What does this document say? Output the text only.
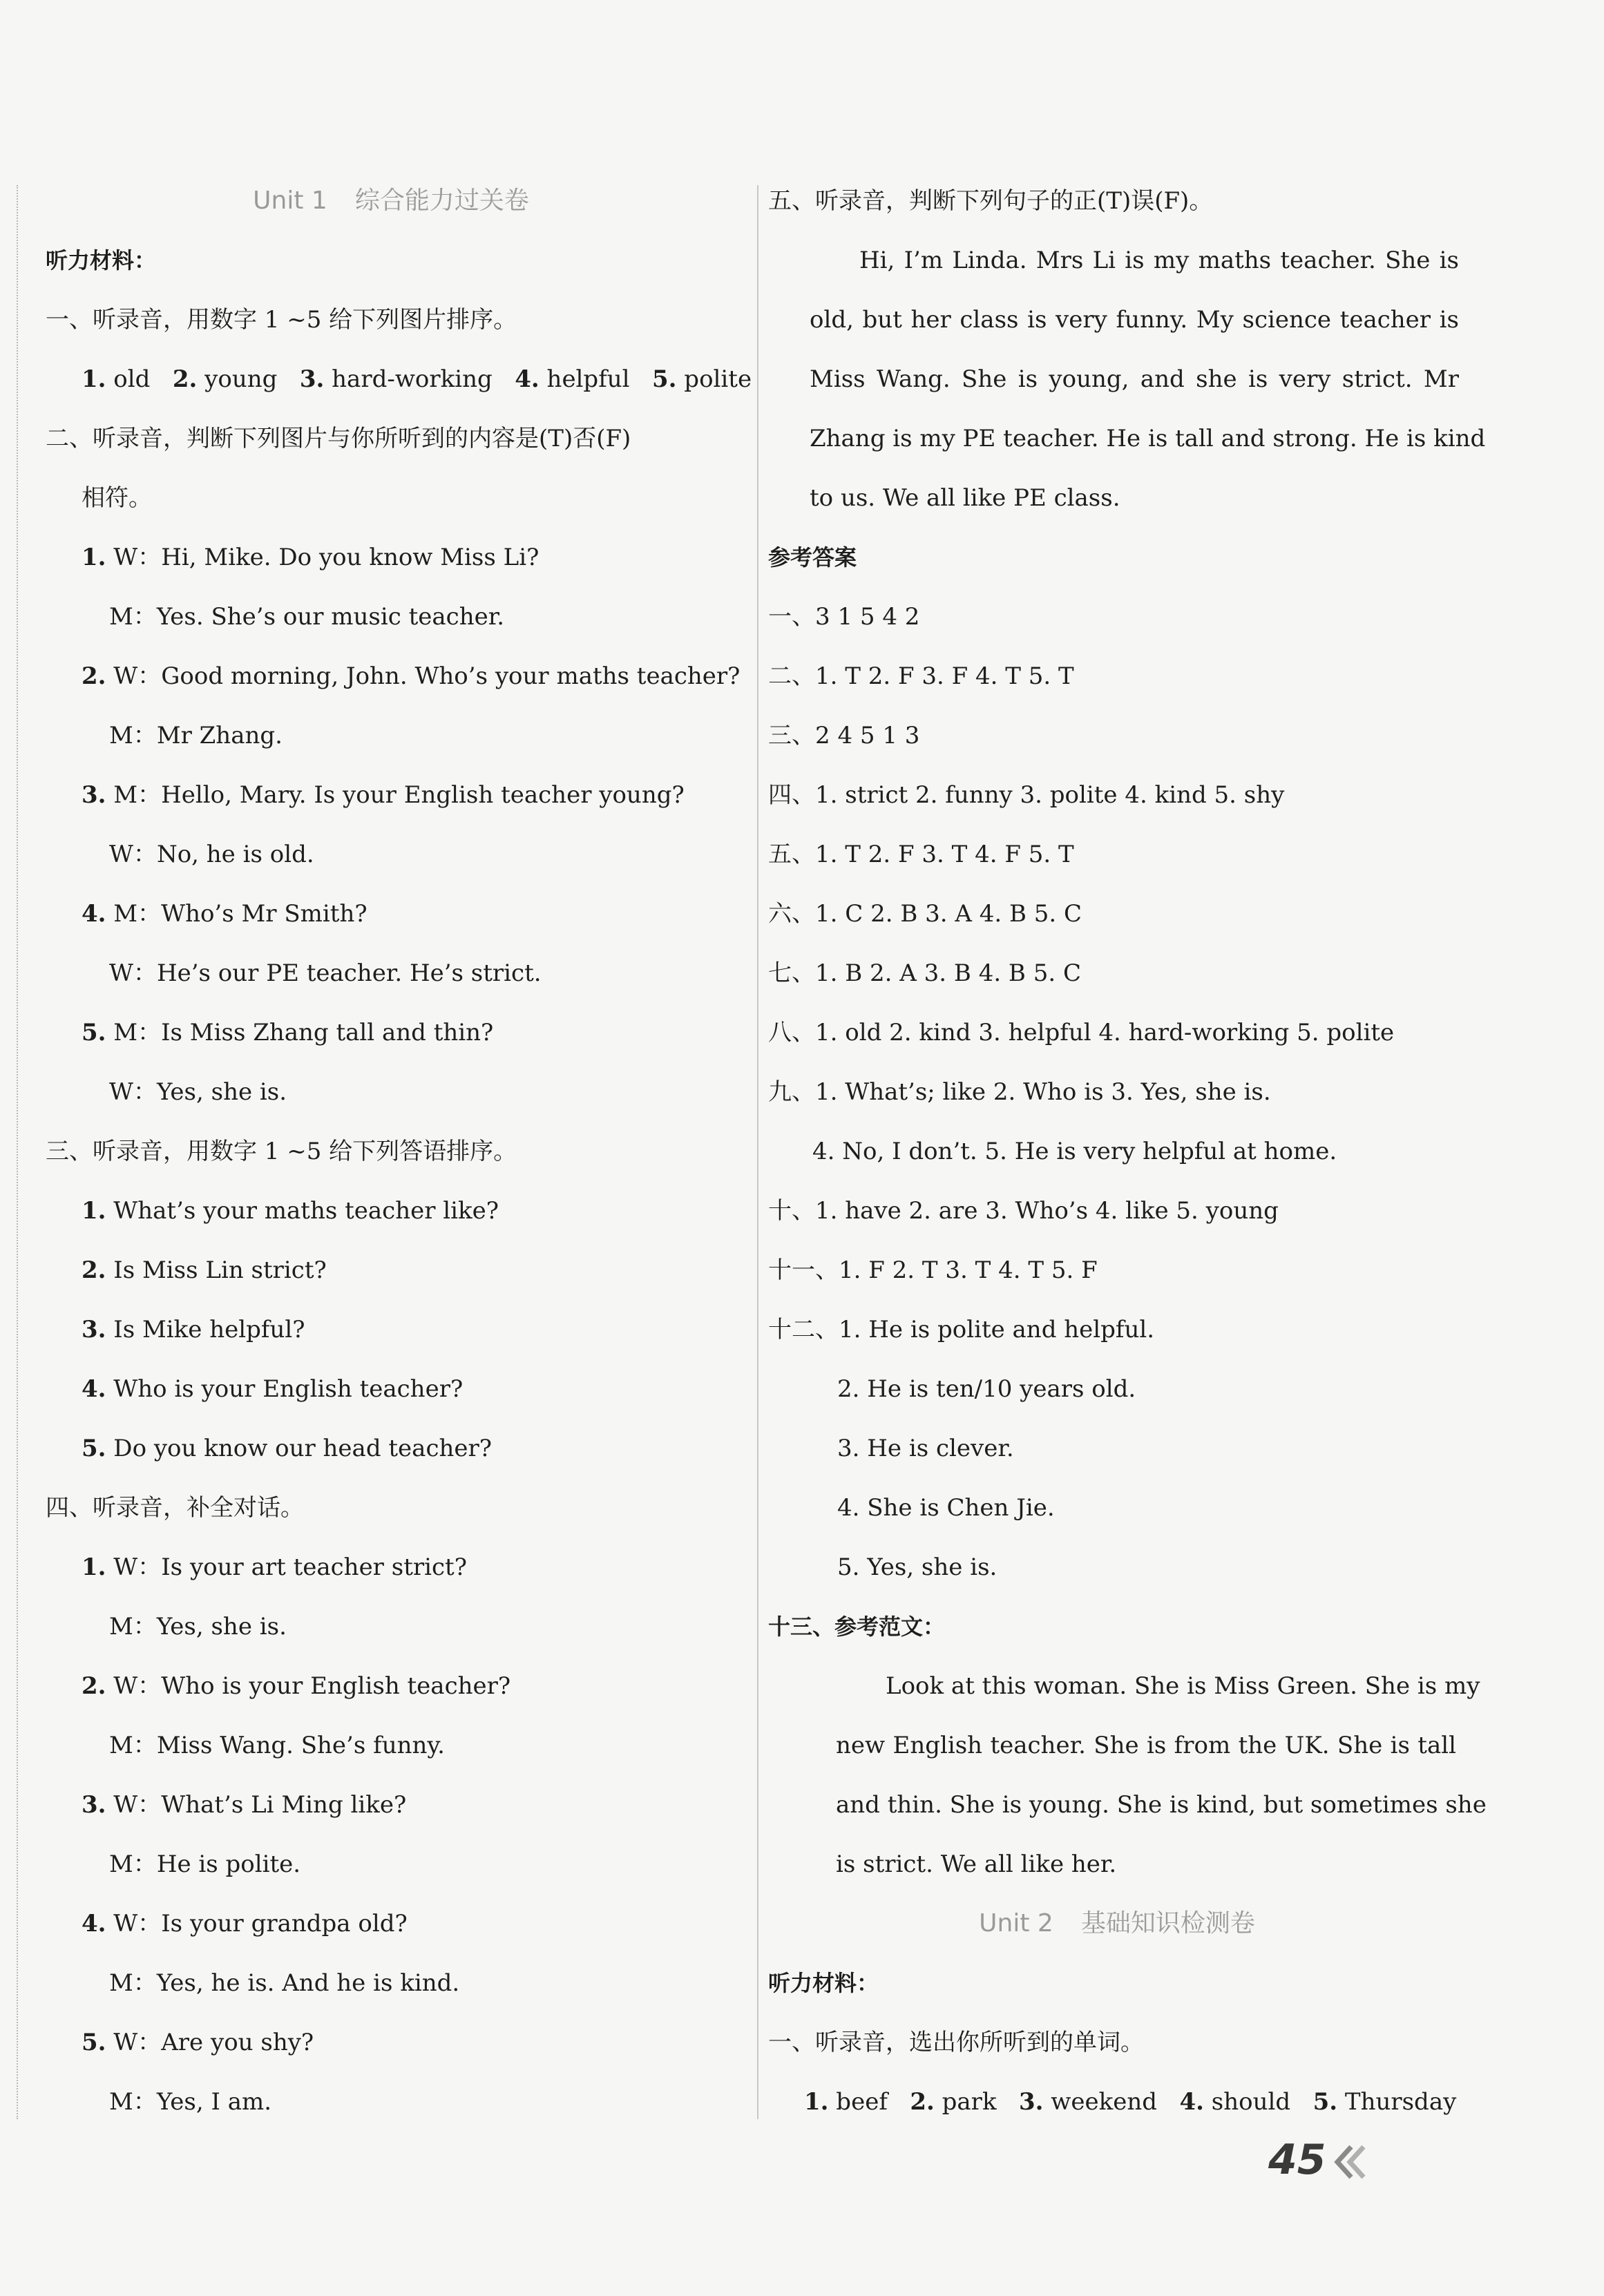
Unit 1 综合能力过关卷
听力材料：
一、听录音，用数字 1 ~5 给下列图片排序。
1. old 2. young 3. hard-working 4. helpful 5. polite
二、听录音，判断下列图片与你所听到的内容是(T)否(F)
相符。
1. W：Hi, Mike. Do you know Miss Li?
M：Yes. She’s our music teacher.
2. W：Good morning, John. Who’s your maths teacher?
M：Mr Zhang.
3. M：Hello, Mary. Is your English teacher young?
W：No, he is old.
4. M：Who’s Mr Smith?
W：He’s our PE teacher. He’s strict.
5. M：Is Miss Zhang tall and thin?
W：Yes, she is.
三、听录音，用数字 1 ~5 给下列答语排序。
1. What’s your maths teacher like?
2. Is Miss Lin strict?
3. Is Mike helpful?
4. Who is your English teacher?
5. Do you know our head teacher?
四、听录音，补全对话。
1. W：Is your art teacher strict?
M：Yes, she is.
2. W：Who is your English teacher?
M：Miss Wang. She’s funny.
3. W：What’s Li Ming like?
M：He is polite.
4. W：Is your grandpa old?
M：Yes, he is. And he is kind.
5. W：Are you shy?
M：Yes, I am.
五、听录音，判断下列句子的正(T)误(F)。
Hi, I’m Linda. Mrs Li is my maths teacher. She is
old, but her class is very funny. My science teacher is
Miss Wang. She is young, and she is very strict. Mr
Zhang is my PE teacher. He is tall and strong. He is kind
to us. We all like PE class.
参考答案
一、3 1 5 4 2
二、1. T 2. F 3. F 4. T 5. T
三、2 4 5 1 3
四、1. strict 2. funny 3. polite 4. kind 5. shy
五、1. T 2. F 3. T 4. F 5. T
六、1. C 2. B 3. A 4. B 5. C
七、1. B 2. A 3. B 4. B 5. C
八、1. old 2. kind 3. helpful 4. hard-working 5. polite
九、1. What’s; like 2. Who is 3. Yes, she is.
4. No, I don’t. 5. He is very helpful at home.
十、1. have 2. are 3. Who’s 4. like 5. young
十一、1. F 2. T 3. T 4. T 5. F
十二、1. He is polite and helpful.
2. He is ten/10 years old.
3. He is clever.
4. She is Chen Jie.
5. Yes, she is.
十三、参考范文：
Look at this woman. She is Miss Green. She is my
new English teacher. She is from the UK. She is tall
and thin. She is young. She is kind, but sometimes she
is strict. We all like her.
Unit 2 基础知识检测卷
听力材料：
一、听录音，选出你所听到的单词。
1. beef 2. park 3. weekend 4. should 5. Thursday
45
